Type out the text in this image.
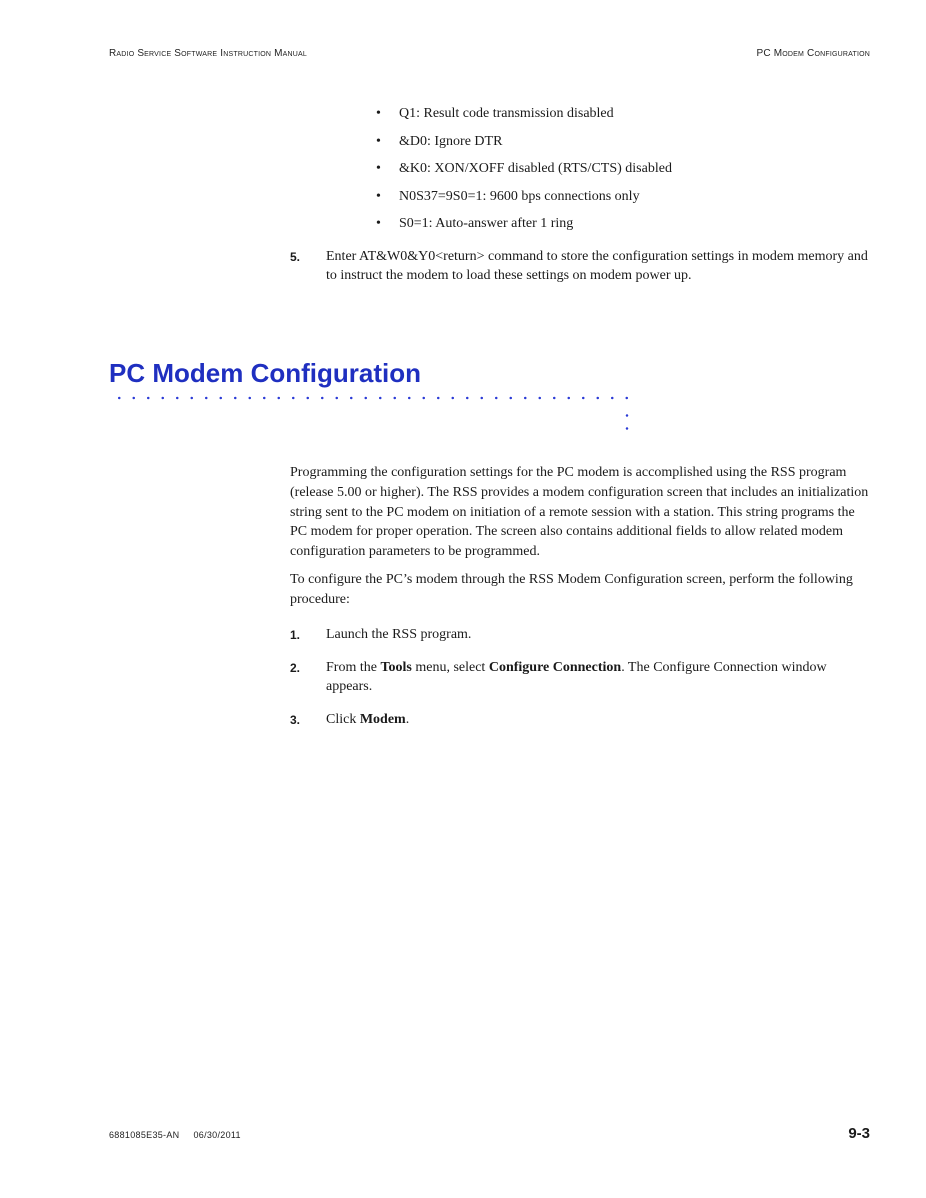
Radio Service Software Instruction Manual	PC Modem Configuration
• Q1: Result code transmission disabled
• &D0: Ignore DTR
• &K0: XON/XOFF disabled (RTS/CTS) disabled
• N0S37=9S0=1: 9600 bps connections only
• S0=1: Auto-answer after 1 ring
5. Enter AT&W0&Y0<return> command to store the configuration settings in modem memory and to instruct the modem to load these settings on modem power up.
PC Modem Configuration

Programming the configuration settings for the PC modem is accomplished using the RSS program (release 5.00 or higher). The RSS provides a modem configuration screen that includes an initialization string sent to the PC modem on initiation of a remote session with a station. This string programs the PC modem for proper operation. The screen also contains additional fields to allow related modem configuration parameters to be programmed.

To configure the PC’s modem through the RSS Modem Configuration screen, perform the following procedure:

1. Launch the RSS program.
2. From the Tools menu, select Configure Connection. The Configure Connection window appears.
3. Click Modem.
6881085E35-AN 06/30/2011	9-3
